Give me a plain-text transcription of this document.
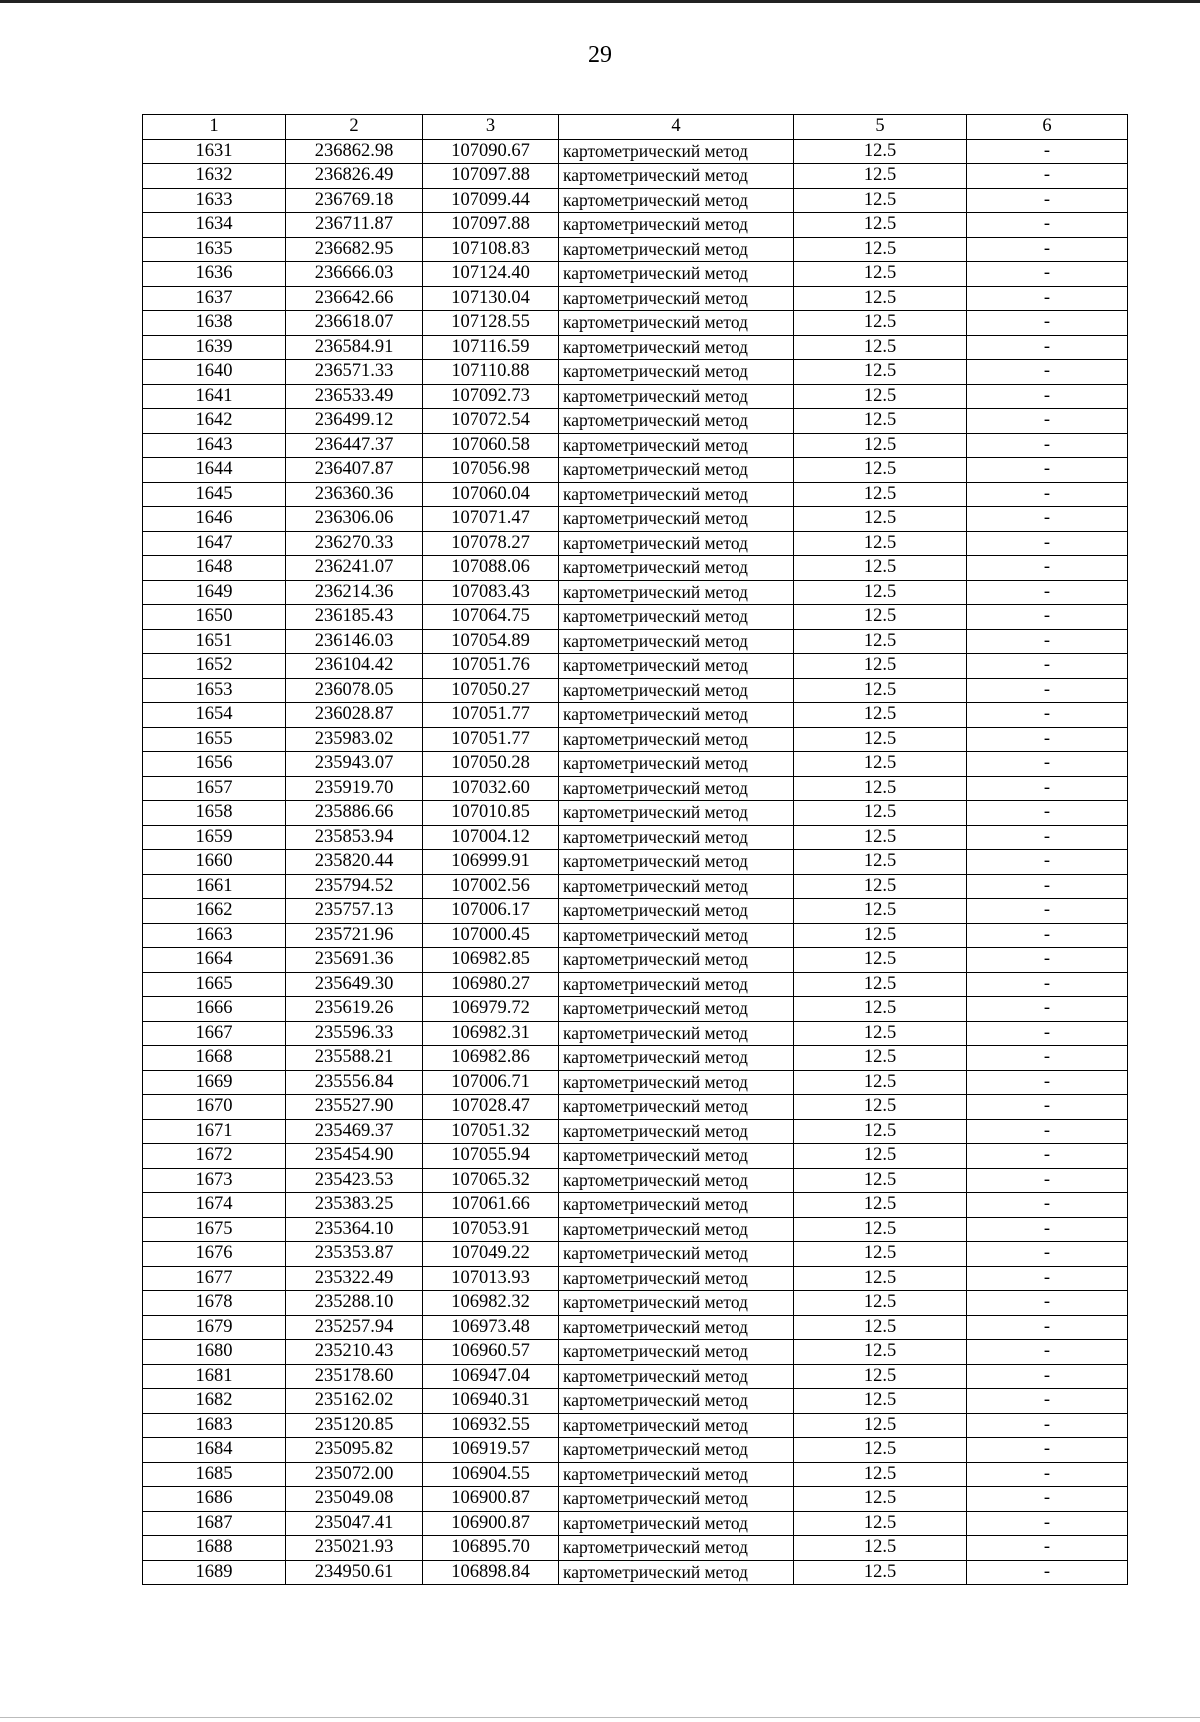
29
1	2	3	4	5	6
1631	236862.98	107090.67	картометрический метод	12.5	-
1632	236826.49	107097.88	картометрический метод	12.5	-
1633	236769.18	107099.44	картометрический метод	12.5	-
1634	236711.87	107097.88	картометрический метод	12.5	-
1635	236682.95	107108.83	картометрический метод	12.5	-
1636	236666.03	107124.40	картометрический метод	12.5	-
1637	236642.66	107130.04	картометрический метод	12.5	-
1638	236618.07	107128.55	картометрический метод	12.5	-
1639	236584.91	107116.59	картометрический метод	12.5	-
1640	236571.33	107110.88	картометрический метод	12.5	-
1641	236533.49	107092.73	картометрический метод	12.5	-
1642	236499.12	107072.54	картометрический метод	12.5	-
1643	236447.37	107060.58	картометрический метод	12.5	-
1644	236407.87	107056.98	картометрический метод	12.5	-
1645	236360.36	107060.04	картометрический метод	12.5	-
1646	236306.06	107071.47	картометрический метод	12.5	-
1647	236270.33	107078.27	картометрический метод	12.5	-
1648	236241.07	107088.06	картометрический метод	12.5	-
1649	236214.36	107083.43	картометрический метод	12.5	-
1650	236185.43	107064.75	картометрический метод	12.5	-
1651	236146.03	107054.89	картометрический метод	12.5	-
1652	236104.42	107051.76	картометрический метод	12.5	-
1653	236078.05	107050.27	картометрический метод	12.5	-
1654	236028.87	107051.77	картометрический метод	12.5	-
1655	235983.02	107051.77	картометрический метод	12.5	-
1656	235943.07	107050.28	картометрический метод	12.5	-
1657	235919.70	107032.60	картометрический метод	12.5	-
1658	235886.66	107010.85	картометрический метод	12.5	-
1659	235853.94	107004.12	картометрический метод	12.5	-
1660	235820.44	106999.91	картометрический метод	12.5	-
1661	235794.52	107002.56	картометрический метод	12.5	-
1662	235757.13	107006.17	картометрический метод	12.5	-
1663	235721.96	107000.45	картометрический метод	12.5	-
1664	235691.36	106982.85	картометрический метод	12.5	-
1665	235649.30	106980.27	картометрический метод	12.5	-
1666	235619.26	106979.72	картометрический метод	12.5	-
1667	235596.33	106982.31	картометрический метод	12.5	-
1668	235588.21	106982.86	картометрический метод	12.5	-
1669	235556.84	107006.71	картометрический метод	12.5	-
1670	235527.90	107028.47	картометрический метод	12.5	-
1671	235469.37	107051.32	картометрический метод	12.5	-
1672	235454.90	107055.94	картометрический метод	12.5	-
1673	235423.53	107065.32	картометрический метод	12.5	-
1674	235383.25	107061.66	картометрический метод	12.5	-
1675	235364.10	107053.91	картометрический метод	12.5	-
1676	235353.87	107049.22	картометрический метод	12.5	-
1677	235322.49	107013.93	картометрический метод	12.5	-
1678	235288.10	106982.32	картометрический метод	12.5	-
1679	235257.94	106973.48	картометрический метод	12.5	-
1680	235210.43	106960.57	картометрический метод	12.5	-
1681	235178.60	106947.04	картометрический метод	12.5	-
1682	235162.02	106940.31	картометрический метод	12.5	-
1683	235120.85	106932.55	картометрический метод	12.5	-
1684	235095.82	106919.57	картометрический метод	12.5	-
1685	235072.00	106904.55	картометрический метод	12.5	-
1686	235049.08	106900.87	картометрический метод	12.5	-
1687	235047.41	106900.87	картометрический метод	12.5	-
1688	235021.93	106895.70	картометрический метод	12.5	-
1689	234950.61	106898.84	картометрический метод	12.5	-
